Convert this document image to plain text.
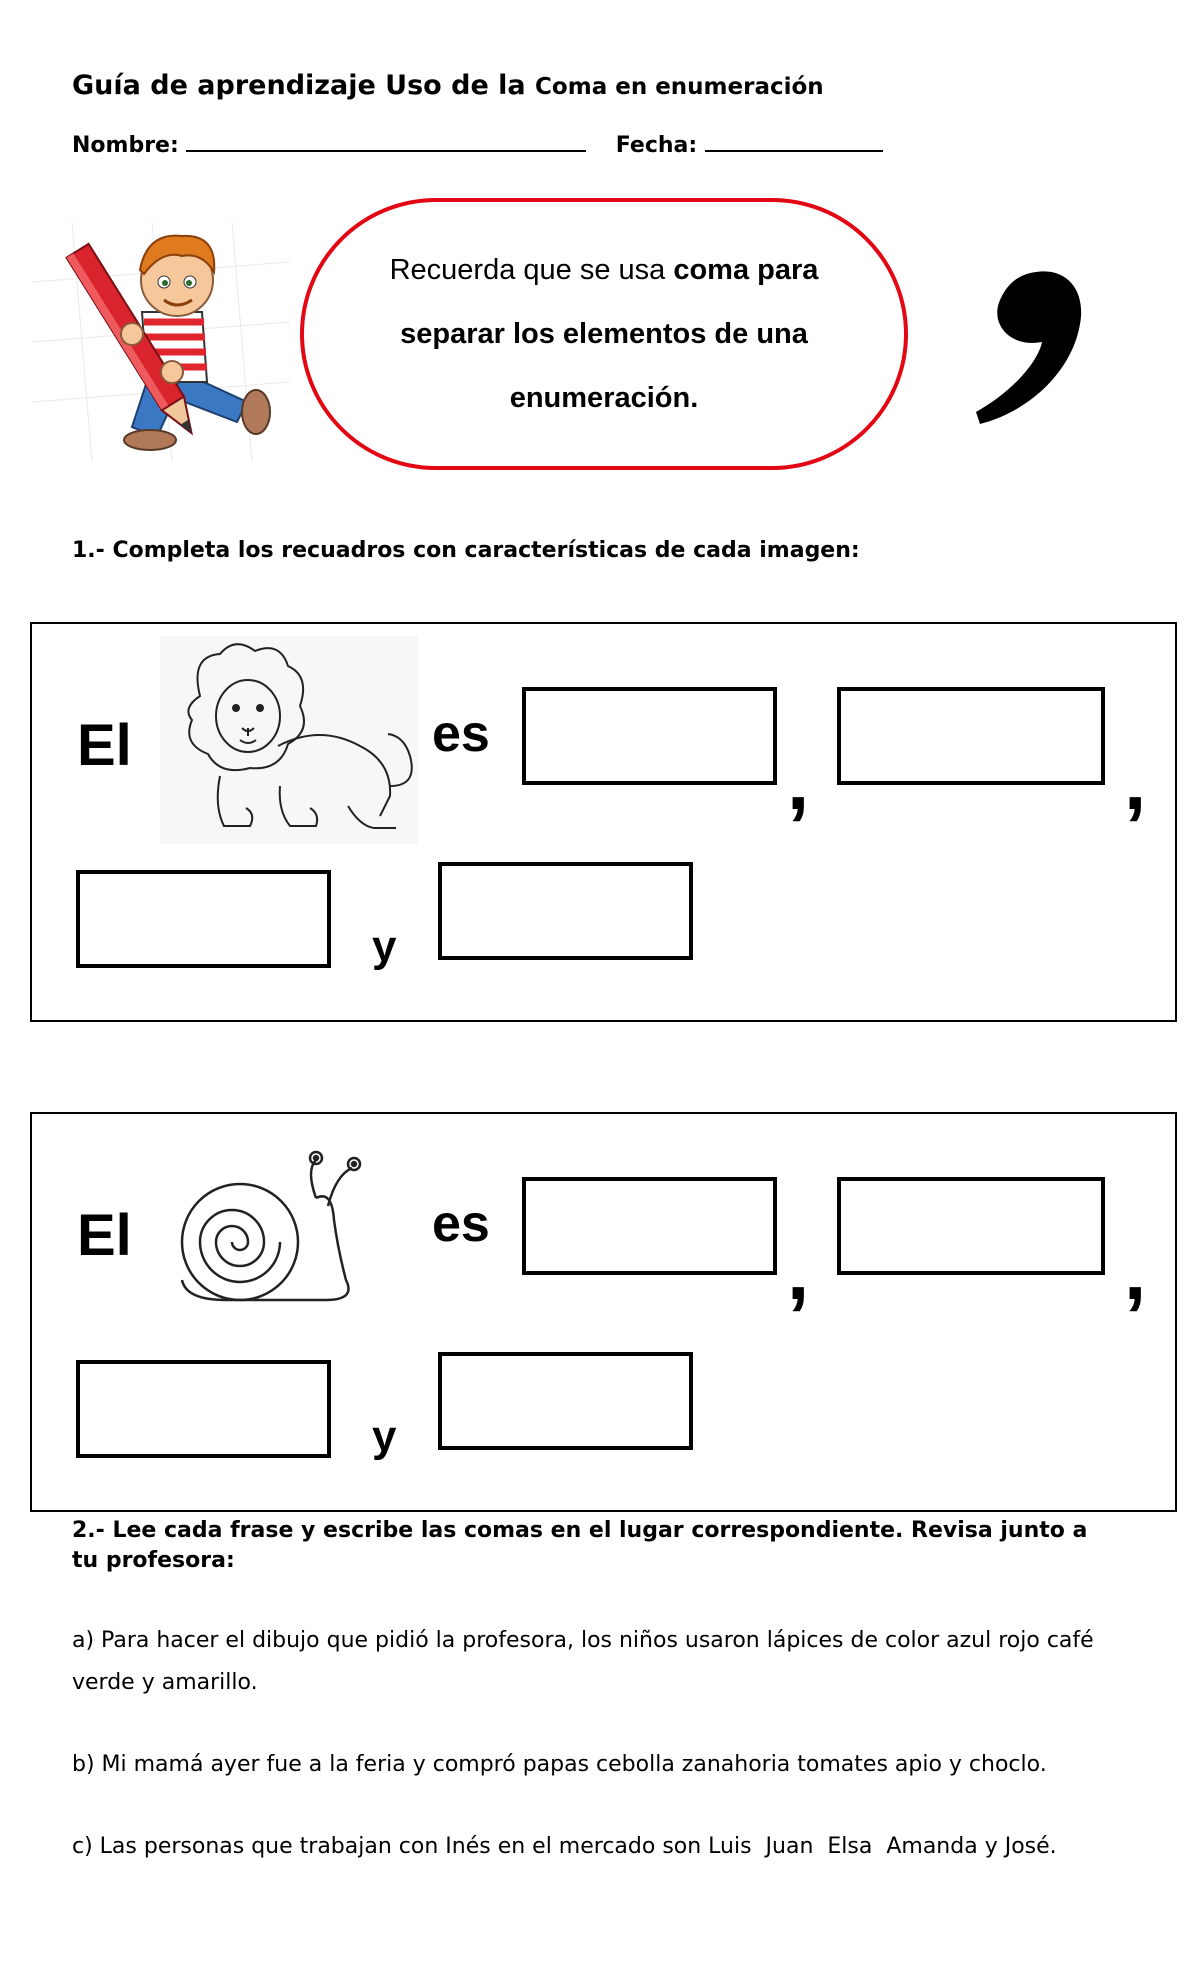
Guía de aprendizaje Uso de la Coma en enumeración
Nombre:	Fecha:

Recuerda que se usa coma para separar los elementos de una enumeración.

1.- Completa los recuadros con características de cada imagen:
El	es
,	,
y
El	es
,	,
y
2.- Lee cada frase y escribe las comas en el lugar correspondiente. Revisa junto a tu profesora:
a) Para hacer el dibujo que pidió la profesora, los niños usaron lápices de color azul rojo café verde y amarillo.
b) Mi mamá ayer fue a la feria y compró papas cebolla zanahoria tomates apio y choclo.
c) Las personas que trabajan con Inés en el mercado son Luis  Juan  Elsa  Amanda y José.
